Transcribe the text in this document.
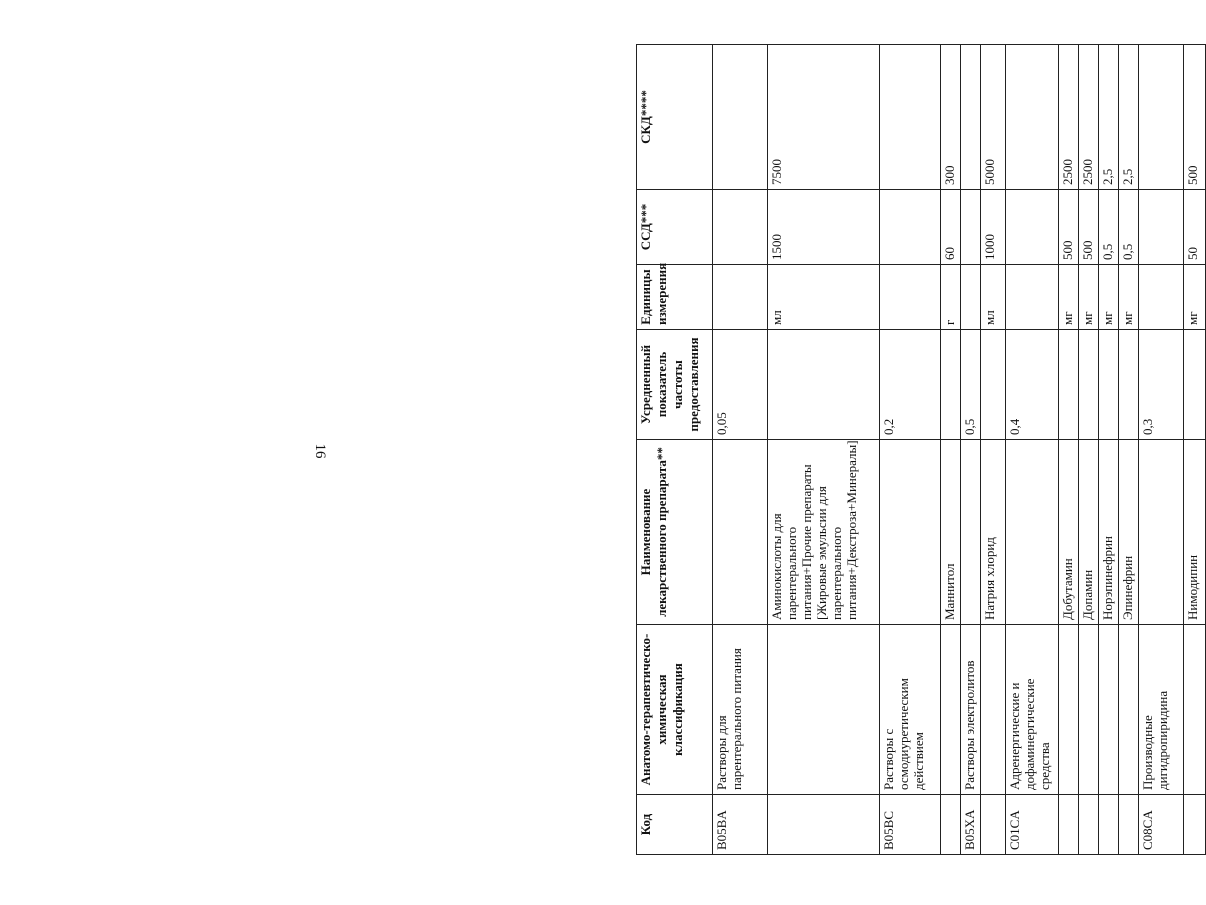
16
Код	Анатомо-терапевтическо-химическая классификация	Наименование лекарственного препарата**	Усредненный показатель частоты предоставления	Единицы измерения	ССД***	СКД****
B05BA	Растворы для парентерального питания		0,05			
		Аминокислоты для парентерального питания+Прочие препараты [Жировые эмульсии для парентерального питания+Декстроза+Минералы]		мл	1500	7500
B05BC	Растворы с осмодиуретическим действием		0,2			
		Маннитол		г	60	300
B05XA	Растворы электролитов		0,5			
		Натрия хлорид		мл	1000	5000
C01CA	Адренергические и дофаминергические средства		0,4			
		Добутамин		мг	500	2500
		Допамин		мг	500	2500
		Норэпинефрин		мг	0,5	2,5
		Эпинефрин		мг	0,5	2,5
C08CA	Производные дигидропиридина		0,3			
		Нимодипин		мг	50	500
